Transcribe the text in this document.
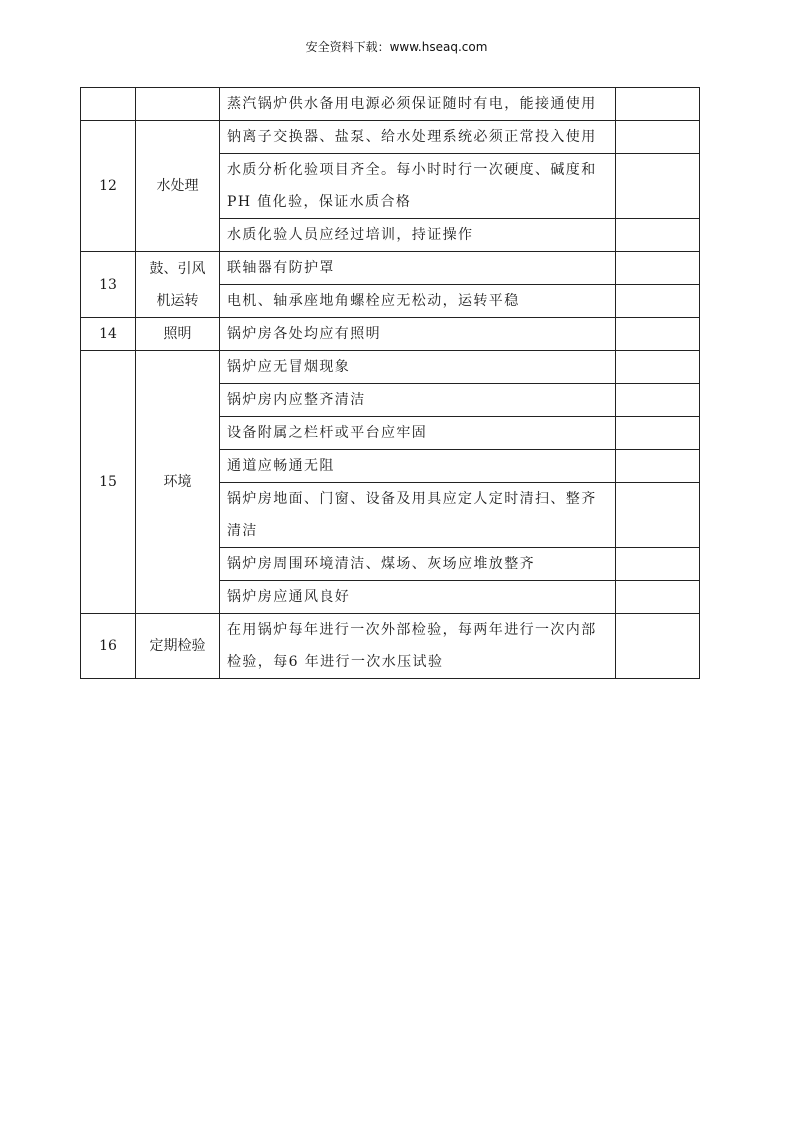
安全资料下载：www.hseaq.com
		蒸汽锅炉供水备用电源必须保证随时有电，能接通使用	
12	水处理	钠离子交换器、盐泵、给水处理系统必须正常投入使用	
		水质分析化验项目齐全。每小时时行一次硬度、碱度和PH 值化验，保证水质合格	
		水质化验人员应经过培训，持证操作	
13	鼓、引风机运转	联轴器有防护罩	
		电机、轴承座地角螺栓应无松动，运转平稳	
14	照明	锅炉房各处均应有照明	
15	环境	锅炉应无冒烟现象	
		锅炉房内应整齐清洁	
		设备附属之栏杆或平台应牢固	
		通道应畅通无阻	
		锅炉房地面、门窗、设备及用具应定人定时清扫、整齐清洁	
		锅炉房周围环境清洁、煤场、灰场应堆放整齐	
		锅炉房应通风良好	
16	定期检验	在用锅炉每年进行一次外部检验，每两年进行一次内部检验，每6 年进行一次水压试验	
